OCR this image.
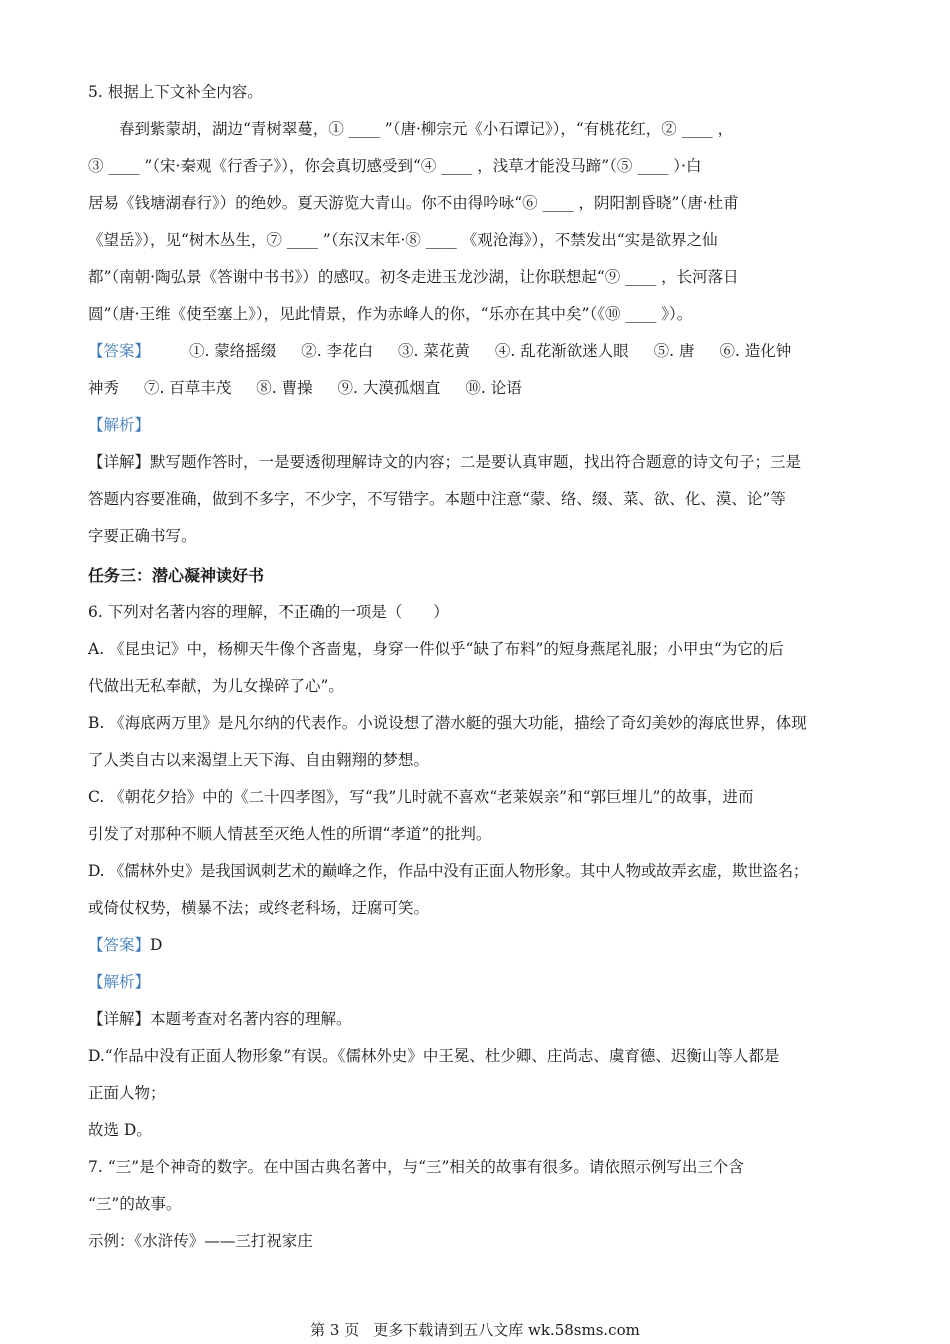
5. 根据上下文补全内容。
春到紫蒙胡，湖边“青树翠蔓，① ____ ”（唐·柳宗元《小石谭记》），“有桃花红，② ____ ，
③ ____ ”（宋·秦观《行香子》），你会真切感受到“④ ____ ，浅草才能没马蹄”（⑤ ____ ）·白
居易《钱塘湖春行》）的绝妙。夏天游览大青山。你不由得吟咏“⑥ ____ ，阴阳割昏晓”（唐·杜甫
《望岳》），见“树木丛生，⑦ ____ ”（东汉末年·⑧ ____ 《观沧海》），不禁发出“实是欲界之仙
都”（南朝·陶弘景《答谢中书书》）的感叹。初冬走进玉龙沙湖，让你联想起“⑨ ____ ，长河落日
圆”（唐·王维《使至塞上》），见此情景，作为赤峰人的你，“乐亦在其中矣”（《⑩ ____ 》）。
【答案】	①. 蒙络摇缀 ②. 李花白 ③. 菜花黄 ④. 乱花渐欲迷人眼 ⑤. 唐 ⑥. 造化钟
神秀 ⑦. 百草丰茂 ⑧. 曹操 ⑨. 大漠孤烟直 ⑩. 论语
【解析】
【详解】默写题作答时，一是要透彻理解诗文的内容；二是要认真审题，找出符合题意的诗文句子；三是
答题内容要准确，做到不多字，不少字，不写错字。本题中注意“蒙、络、缀、菜、欲、化、漠、论”等
字要正确书写。
任务三：潜心凝神读好书
6. 下列对名著内容的理解，不正确的一项是（　　）
A. 《昆虫记》中，杨柳天牛像个吝啬鬼，身穿一件似乎“缺了布料”的短身燕尾礼服；小甲虫“为它的后
代做出无私奉献，为儿女操碎了心”。
B. 《海底两万里》是凡尔纳的代表作。小说设想了潜水艇的强大功能，描绘了奇幻美妙的海底世界，体现
了人类自古以来渴望上天下海、自由翱翔的梦想。
C. 《朝花夕拾》中的《二十四孝图》，写“我”儿时就不喜欢“老莱娱亲”和“郭巨埋儿”的故事，进而
引发了对那种不顺人情甚至灭绝人性的所谓“孝道”的批判。
D. 《儒林外史》是我国讽刺艺术的巅峰之作，作品中没有正面人物形象。其中人物或故弄玄虚，欺世盗名；
或倚仗权势，横暴不法；或终老科场，迂腐可笑。
【答案】D
【解析】
【详解】本题考查对名著内容的理解。
D.“作品中没有正面人物形象”有误。《儒林外史》中王冕、杜少卿、庄尚志、虞育德、迟衡山等人都是
正面人物；
故选 D。
7. “三”是个神奇的数字。在中国古典名著中，与“三”相关的故事有很多。请依照示例写出三个含
“三”的故事。
示例：《水浒传》——三打祝家庄
第 3 页 更多下载请到五八文库 wk.58sms.com
